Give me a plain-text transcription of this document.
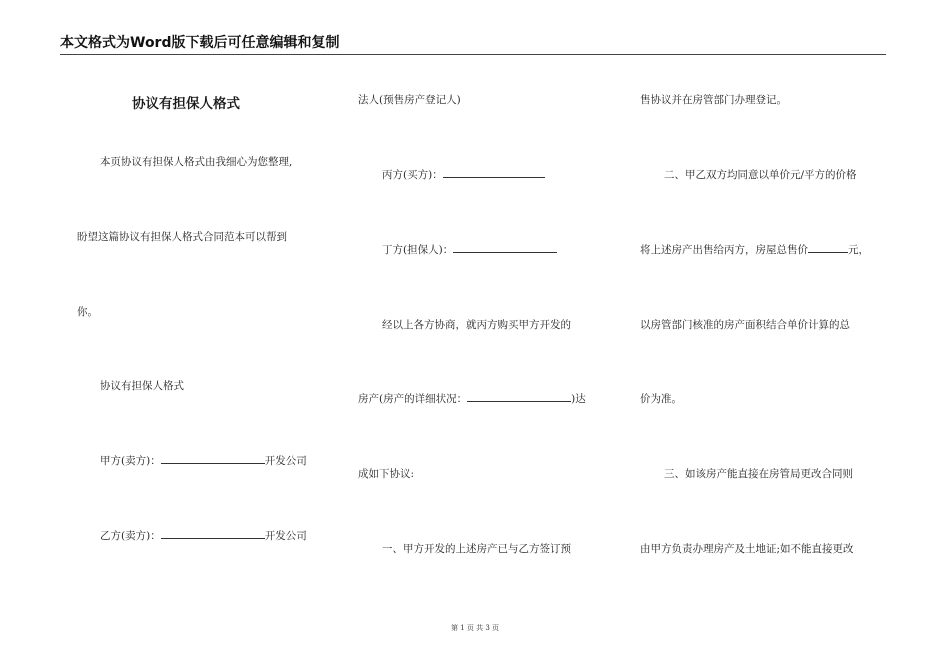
本文格式为Word版下载后可任意编辑和复制
协议有担保人格式
本页协议有担保人格式由我细心为您整理,
盼望这篇协议有担保人格式合同范本可以帮到
你。
协议有担保人格式
甲方(卖方)：	开发公司
乙方(卖方)：	开发公司
法人(预售房产登记人)
丙方(买方)：
丁方(担保人)：
经以上各方协商，就丙方购买甲方开发的
房产(房产的详细状况：	)达
成如下协议:
一、甲方开发的上述房产已与乙方签订预
售协议并在房管部门办理登记。
二、甲乙双方均同意以单价元/平方的价格
将上述房产出售给丙方，房屋总售价	元，
以房管部门核准的房产面积结合单价计算的总
价为准。
三、如该房产能直接在房管局更改合同则
由甲方负责办理房产及土地证;如不能直接更改
第 1 页 共 3 页
